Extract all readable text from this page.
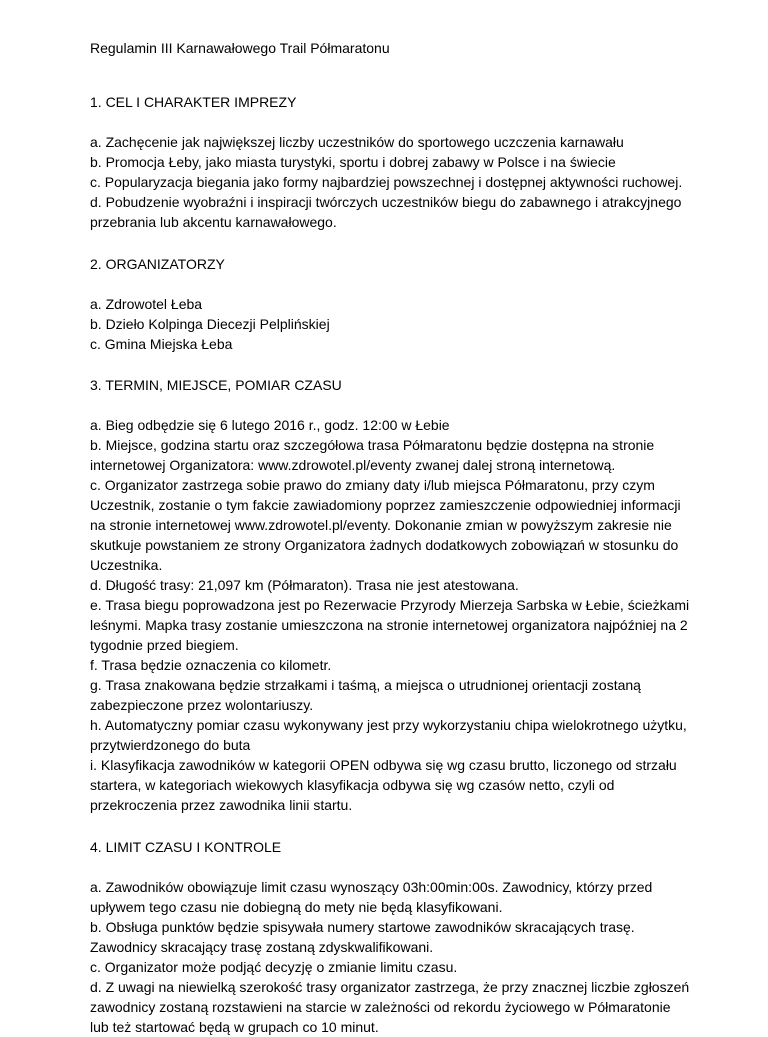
Regulamin III Karnawałowego Trail Półmaratonu
1. CEL I CHARAKTER IMPREZY

a. Zachęcenie jak największej liczby uczestników do sportowego uczczenia karnawału

b. Promocja Łeby, jako miasta turystyki, sportu i dobrej zabawy w Polsce i na świecie

c. Popularyzacja biegania jako formy najbardziej powszechnej i dostępnej aktywności ruchowej.

d. Pobudzenie wyobraźni i inspiracji twórczych uczestników biegu do zabawnego i atrakcyjnego przebrania lub akcentu karnawałowego.

2. ORGANIZATORZY

a. Zdrowotel Łeba

b. Dzieło Kolpinga Diecezji Pelplińskiej

c. Gmina Miejska Łeba

3. TERMIN, MIEJSCE, POMIAR CZASU

a. Bieg odbędzie się 6 lutego 2016 r., godz. 12:00 w Łebie

b. Miejsce, godzina startu oraz szczegółowa trasa Półmaratonu będzie dostępna na stronie internetowej Organizatora: www.zdrowotel.pl/eventy zwanej dalej stroną internetową.

c. Organizator zastrzega sobie prawo do zmiany daty i/lub miejsca Półmaratonu, przy czym Uczestnik, zostanie o tym fakcie zawiadomiony poprzez zamieszczenie odpowiedniej informacji na stronie internetowej www.zdrowotel.pl/eventy. Dokonanie zmian w powyższym zakresie nie skutkuje powstaniem ze strony Organizatora żadnych dodatkowych zobowiązań w stosunku do Uczestnika.

d. Długość trasy: 21,097 km (Półmaraton). Trasa nie jest atestowana.

e. Trasa biegu poprowadzona jest po Rezerwacie Przyrody Mierzeja Sarbska w Łebie, ścieżkami leśnymi. Mapka trasy zostanie umieszczona na stronie internetowej organizatora najpóźniej na 2 tygodnie przed biegiem.

f. Trasa będzie oznaczenia co kilometr.

g. Trasa znakowana będzie strzałkami i taśmą, a miejsca o utrudnionej orientacji zostaną zabezpieczone przez wolontariuszy.

h. Automatyczny pomiar czasu wykonywany jest przy wykorzystaniu chipa wielokrotnego użytku, przytwierdzonego do buta

i. Klasyfikacja zawodników w kategorii OPEN odbywa się wg czasu brutto, liczonego od strzału startera, w kategoriach wiekowych klasyfikacja odbywa się wg czasów netto, czyli od przekroczenia przez zawodnika linii startu.

4. LIMIT CZASU I KONTROLE

a. Zawodników obowiązuje limit czasu wynoszący 03h:00min:00s. Zawodnicy, którzy przed upływem tego czasu nie dobiegną do mety nie będą klasyfikowani.

b. Obsługa punktów będzie spisywała numery startowe zawodników skracających trasę. Zawodnicy skracający trasę zostaną zdyskwalifikowani.

c. Organizator może podjąć decyzję o zmianie limitu czasu.

d. Z uwagi na niewielką szerokość trasy organizator zastrzega, że przy znacznej liczbie zgłoszeń zawodnicy zostaną rozstawieni na starcie w zależności od rekordu życiowego w Półmaratonie lub też startować będą w grupach co 10 minut.
